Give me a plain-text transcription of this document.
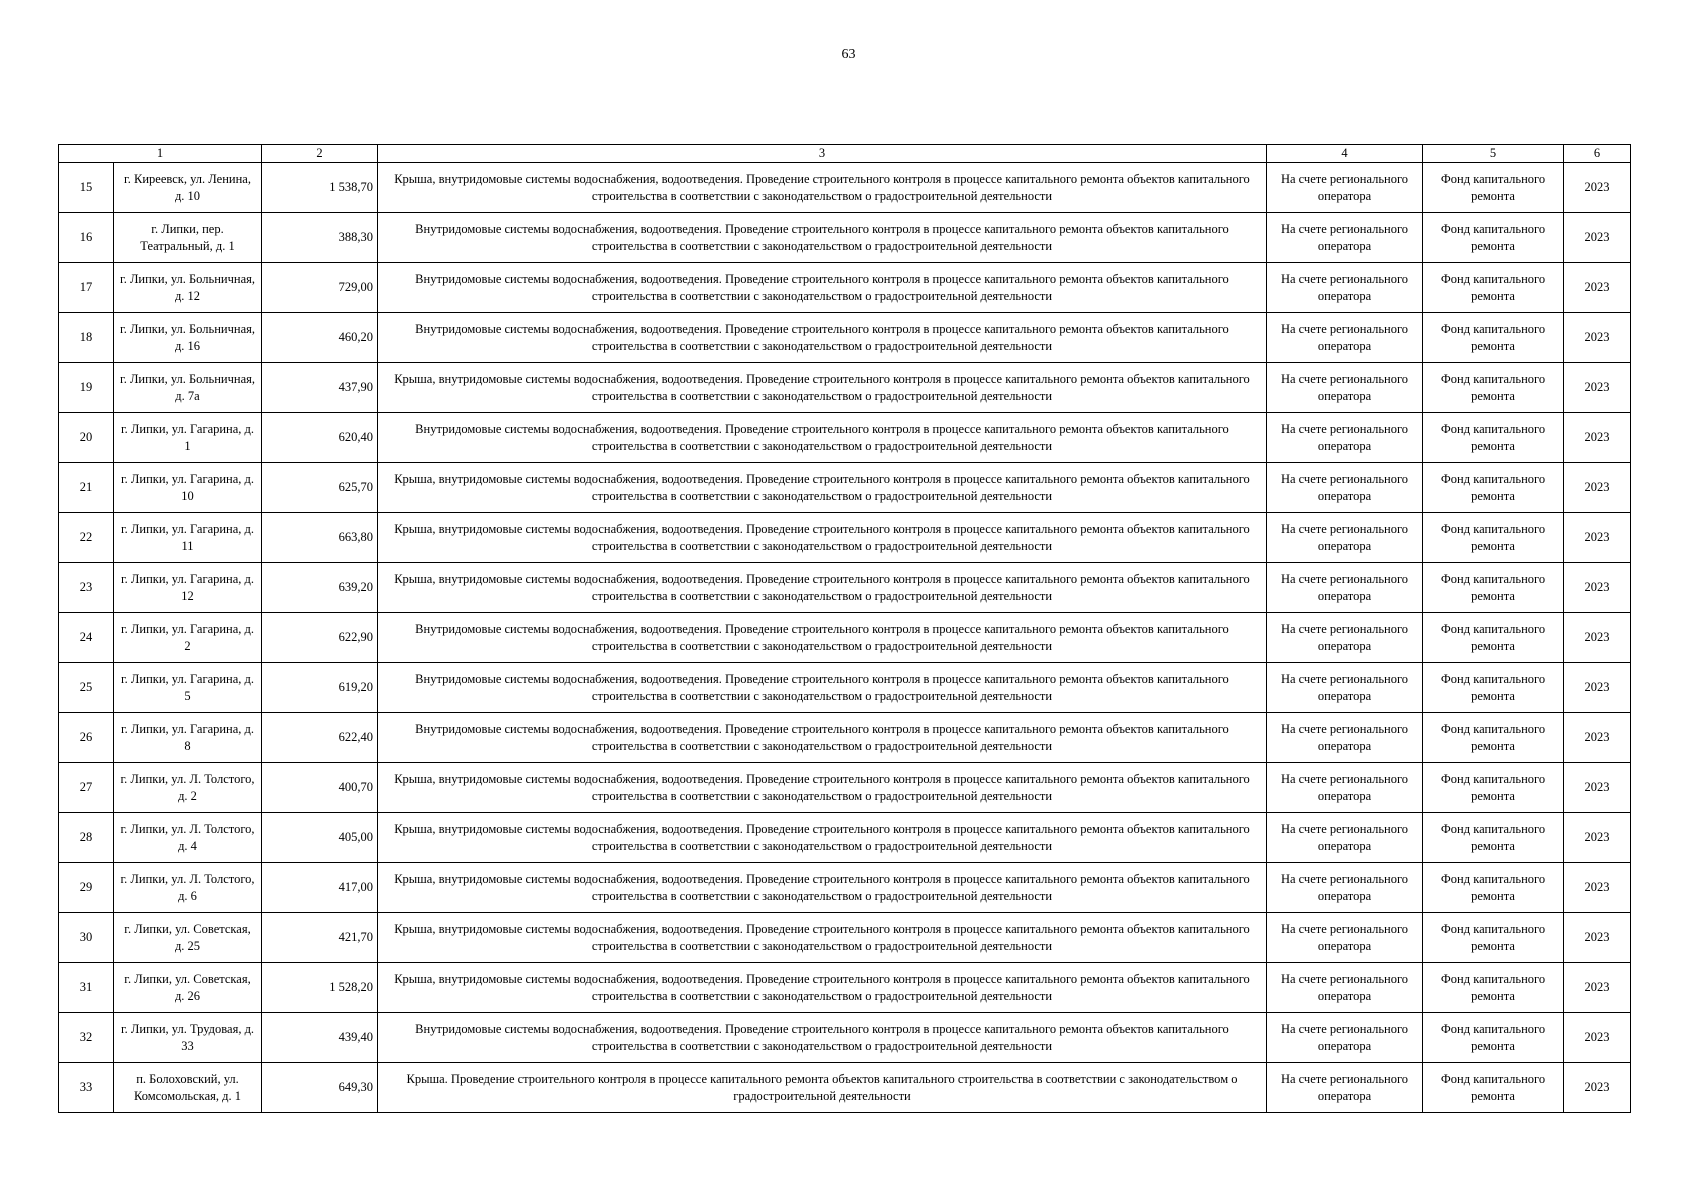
63
1		2	3	4	5	6
15	г. Киреевск, ул. Ленина, д. 10	1 538,70	Крыша, внутридомовые системы водоснабжения, водоотведения. Проведение строительного контроля в процессе капитального ремонта объектов капитального строительства в соответствии с законодательством о градостроительной деятельности	На счете регионального оператора	Фонд капитального ремонта	2023
16	г. Липки, пер. Театральный, д. 1	388,30	Внутридомовые системы водоснабжения, водоотведения. Проведение строительного контроля в процессе капитального ремонта объектов капитального строительства в соответствии с законодательством о градостроительной деятельности	На счете регионального оператора	Фонд капитального ремонта	2023
17	г. Липки, ул. Больничная, д. 12	729,00	Внутридомовые системы водоснабжения, водоотведения. Проведение строительного контроля в процессе капитального ремонта объектов капитального строительства в соответствии с законодательством о градостроительной деятельности	На счете регионального оператора	Фонд капитального ремонта	2023
18	г. Липки, ул. Больничная, д. 16	460,20	Внутридомовые системы водоснабжения, водоотведения. Проведение строительного контроля в процессе капитального ремонта объектов капитального строительства в соответствии с законодательством о градостроительной деятельности	На счете регионального оператора	Фонд капитального ремонта	2023
19	г. Липки, ул. Больничная, д. 7а	437,90	Крыша, внутридомовые системы водоснабжения, водоотведения. Проведение строительного контроля в процессе капитального ремонта объектов капитального строительства в соответствии с законодательством о градостроительной деятельности	На счете регионального оператора	Фонд капитального ремонта	2023
20	г. Липки, ул. Гагарина, д. 1	620,40	Внутридомовые системы водоснабжения, водоотведения. Проведение строительного контроля в процессе капитального ремонта объектов капитального строительства в соответствии с законодательством о градостроительной деятельности	На счете регионального оператора	Фонд капитального ремонта	2023
21	г. Липки, ул. Гагарина, д. 10	625,70	Крыша, внутридомовые системы водоснабжения, водоотведения. Проведение строительного контроля в процессе капитального ремонта объектов капитального строительства в соответствии с законодательством о градостроительной деятельности	На счете регионального оператора	Фонд капитального ремонта	2023
22	г. Липки, ул. Гагарина, д. 11	663,80	Крыша, внутридомовые системы водоснабжения, водоотведения. Проведение строительного контроля в процессе капитального ремонта объектов капитального строительства в соответствии с законодательством о градостроительной деятельности	На счете регионального оператора	Фонд капитального ремонта	2023
23	г. Липки, ул. Гагарина, д. 12	639,20	Крыша, внутридомовые системы водоснабжения, водоотведения. Проведение строительного контроля в процессе капитального ремонта объектов капитального строительства в соответствии с законодательством о градостроительной деятельности	На счете регионального оператора	Фонд капитального ремонта	2023
24	г. Липки, ул. Гагарина, д. 2	622,90	Внутридомовые системы водоснабжения, водоотведения. Проведение строительного контроля в процессе капитального ремонта объектов капитального строительства в соответствии с законодательством о градостроительной деятельности	На счете регионального оператора	Фонд капитального ремонта	2023
25	г. Липки, ул. Гагарина, д. 5	619,20	Внутридомовые системы водоснабжения, водоотведения. Проведение строительного контроля в процессе капитального ремонта объектов капитального строительства в соответствии с законодательством о градостроительной деятельности	На счете регионального оператора	Фонд капитального ремонта	2023
26	г. Липки, ул. Гагарина, д. 8	622,40	Внутридомовые системы водоснабжения, водоотведения. Проведение строительного контроля в процессе капитального ремонта объектов капитального строительства в соответствии с законодательством о градостроительной деятельности	На счете регионального оператора	Фонд капитального ремонта	2023
27	г. Липки, ул. Л. Толстого, д. 2	400,70	Крыша, внутридомовые системы водоснабжения, водоотведения. Проведение строительного контроля в процессе капитального ремонта объектов капитального строительства в соответствии с законодательством о градостроительной деятельности	На счете регионального оператора	Фонд капитального ремонта	2023
28	г. Липки, ул. Л. Толстого, д. 4	405,00	Крыша, внутридомовые системы водоснабжения, водоотведения. Проведение строительного контроля в процессе капитального ремонта объектов капитального строительства в соответствии с законодательством о градостроительной деятельности	На счете регионального оператора	Фонд капитального ремонта	2023
29	г. Липки, ул. Л. Толстого, д. 6	417,00	Крыша, внутридомовые системы водоснабжения, водоотведения. Проведение строительного контроля в процессе капитального ремонта объектов капитального строительства в соответствии с законодательством о градостроительной деятельности	На счете регионального оператора	Фонд капитального ремонта	2023
30	г. Липки, ул. Советская, д. 25	421,70	Крыша, внутридомовые системы водоснабжения, водоотведения. Проведение строительного контроля в процессе капитального ремонта объектов капитального строительства в соответствии с законодательством о градостроительной деятельности	На счете регионального оператора	Фонд капитального ремонта	2023
31	г. Липки, ул. Советская, д. 26	1 528,20	Крыша, внутридомовые системы водоснабжения, водоотведения. Проведение строительного контроля в процессе капитального ремонта объектов капитального строительства в соответствии с законодательством о градостроительной деятельности	На счете регионального оператора	Фонд капитального ремонта	2023
32	г. Липки, ул. Трудовая, д. 33	439,40	Внутридомовые системы водоснабжения, водоотведения. Проведение строительного контроля в процессе капитального ремонта объектов капитального строительства в соответствии с законодательством о градостроительной деятельности	На счете регионального оператора	Фонд капитального ремонта	2023
33	п. Болоховский, ул. Комсомольская, д. 1	649,30	Крыша. Проведение строительного контроля в процессе капитального ремонта объектов капитального строительства в соответствии с законодательством о градостроительной деятельности	На счете регионального оператора	Фонд капитального ремонта	2023
